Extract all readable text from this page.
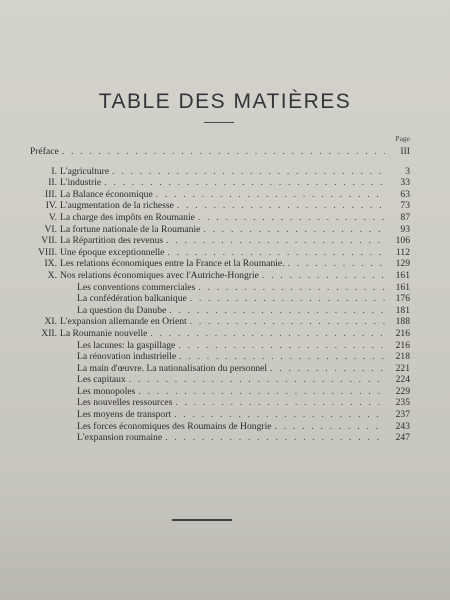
TABLE DES MATIÈRES
Page
Préface . . .	III
I. L'agriculture . . .	3
II. L'industrie . . .	33
III. La Balance économique . . .	63
IV. L'augmentation de la richesse . . .	73
V. La charge des impôts en Roumanie . . .	87
VI. La fortune nationale de la Roumanie . . .	93
VII. La Répartition des revenus . . .	106
VIII. Une époque exceptionnelle . . .	112
IX. Les relations économiques entre la France et la Roumanie. . . .	129
X. Nos relations économiques avec l'Autriche-Hongrie . . .	161
Les conventions commerciales . . .	161
La confédération balkanique . . .	176
La question du Danube . . .	181
XI. L'expansion allemande en Orient . . .	188
XII. La Roumanie nouvelle . . .	216
Les lacunes: la gaspillage . . .	216
La rénovation industrielle . . .	218
La main d'œuvre. La nationalisation du personnel . . .	221
Les capitaux . . .	224
Les monopoles . . .	229
Les nouvelles ressources . . .	235
Les moyens de transport . . .	237
Les forces économiques des Roumains de Hongrie . . .	243
L'expansion roumaine . . .	247
